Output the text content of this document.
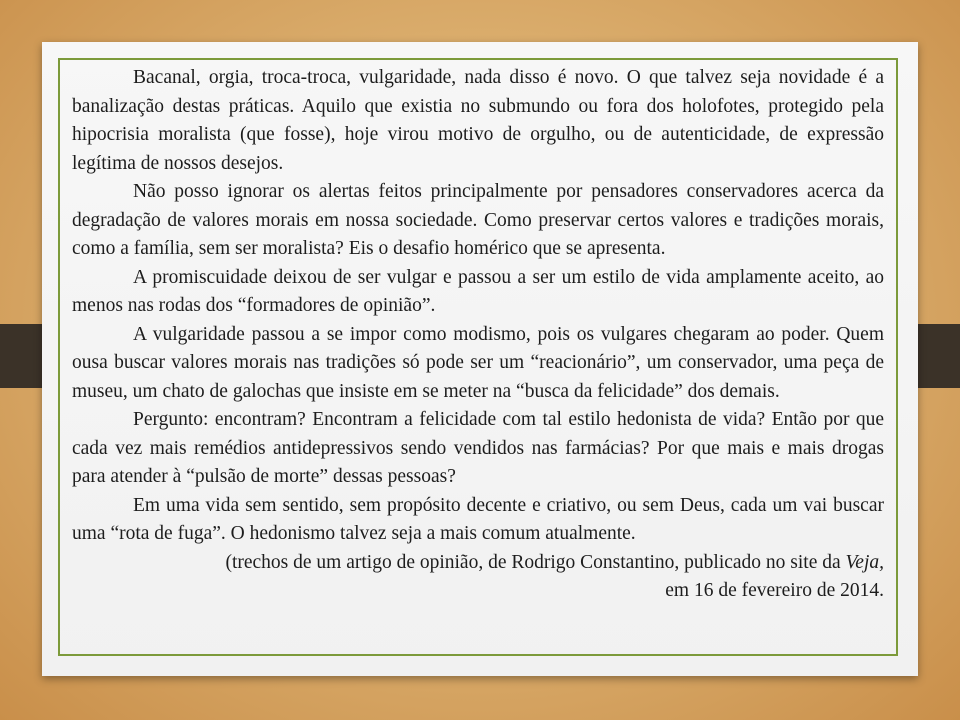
Bacanal, orgia, troca-troca, vulgaridade, nada disso é novo. O que talvez seja novidade é a banalização destas práticas. Aquilo que existia no submundo ou fora dos holofotes, protegido pela hipocrisia moralista (que fosse), hoje virou motivo de orgulho, ou de autenticidade, de expressão legítima de nossos desejos.

Não posso ignorar os alertas feitos principalmente por pensadores conservadores acerca da degradação de valores morais em nossa sociedade. Como preservar certos valores e tradições morais, como a família, sem ser moralista? Eis o desafio homérico que se apresenta.

A promiscuidade deixou de ser vulgar e passou a ser um estilo de vida amplamente aceito, ao menos nas rodas dos “formadores de opinião”.

A vulgaridade passou a se impor como modismo, pois os vulgares chegaram ao poder. Quem ousa buscar valores morais nas tradições só pode ser um “reacionário”, um conservador, uma peça de museu, um chato de galochas que insiste em se meter na “busca da felicidade” dos demais.

Pergunto: encontram? Encontram a felicidade com tal estilo hedonista de vida? Então por que cada vez mais remédios antidepressivos sendo vendidos nas farmácias? Por que mais e mais drogas para atender à “pulsão de morte” dessas pessoas?

Em uma vida sem sentido, sem propósito decente e criativo, ou sem Deus, cada um vai buscar uma “rota de fuga”. O hedonismo talvez seja a mais comum atualmente.

(trechos de um artigo de opinião, de Rodrigo Constantino, publicado no site da Veja,

em 16 de fevereiro de 2014.
